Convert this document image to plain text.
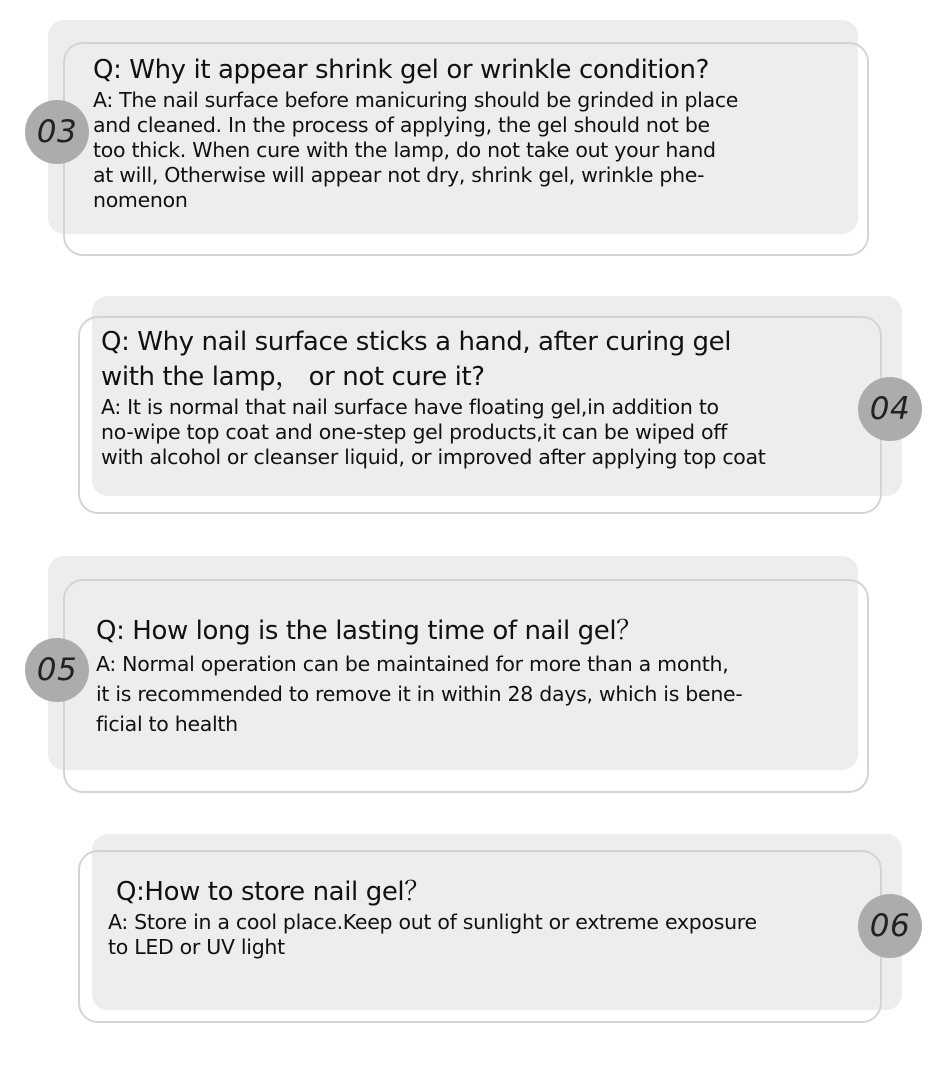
03

Q: Why it appear shrink gel or wrinkle condition?

A: The nail surface before manicuring should be grinded in place

and cleaned. In the process of applying, the gel should not be

too thick. When cure with the lamp, do not take out your hand

at will, Otherwise will appear not dry, shrink gel, wrinkle phe-

nomenon

04

Q: Why nail surface sticks a hand, after curing gel

with the lamp， or not cure it?

A: It is normal that nail surface have floating gel,in addition to

no-wipe top coat and one-step gel products,it can be wiped off

with alcohol or cleanser liquid, or improved after applying top coat

05

Q: How long is the lasting time of nail gel？

A: Normal operation can be maintained for more than a month,

it is recommended to remove it in within 28 days, which is bene-

ficial to health

06

Q:How to store nail gel？

A: Store in a cool place.Keep out of sunlight or extreme exposure

to LED or UV light
